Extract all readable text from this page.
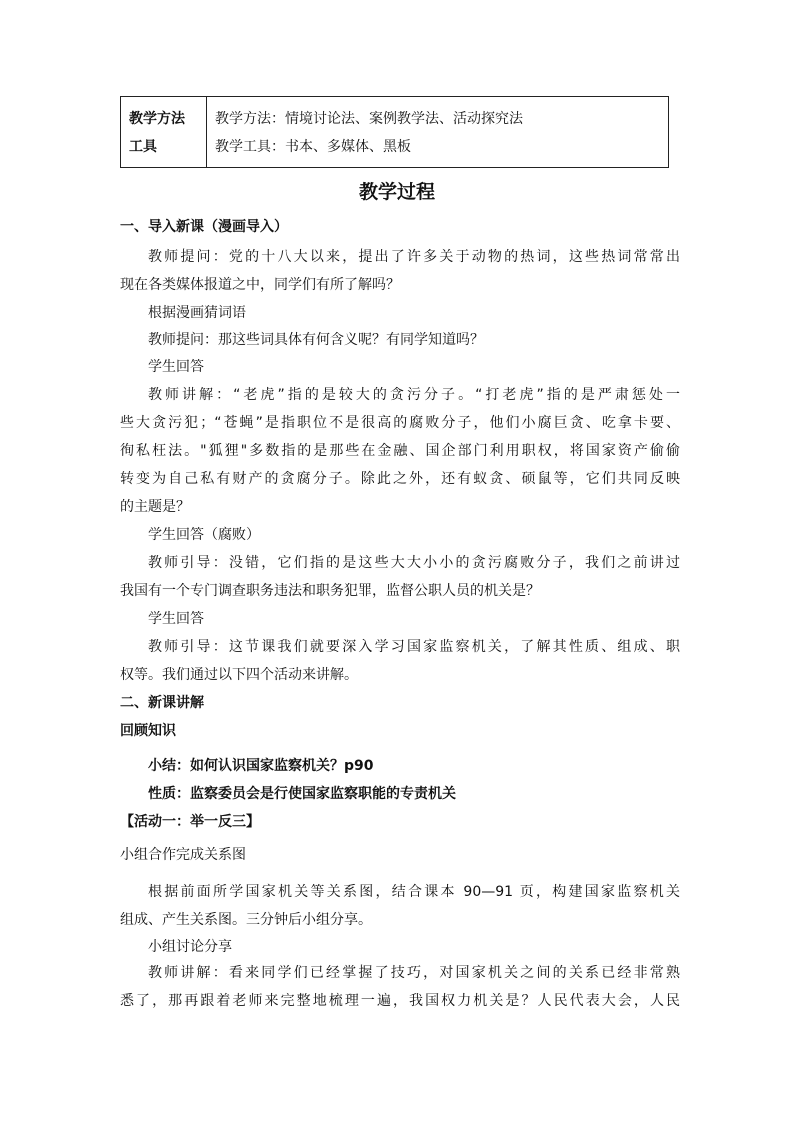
教学方法
工具
教学方法：情境讨论法、案例教学法、活动探究法
教学工具：书本、多媒体、黑板
教学过程
一、导入新课（漫画导入）
教师提问：党的十八大以来，提出了许多关于动物的热词，这些热词常常出
现在各类媒体报道之中，同学们有所了解吗？
根据漫画猜词语
教师提问：那这些词具体有何含义呢？有同学知道吗？
学生回答
教师讲解：“老虎”指的是较大的贪污分子。“打老虎”指的是严肃惩处一
些大贪污犯；“苍蝇”是指职位不是很高的腐败分子，他们小腐巨贪、吃拿卡要、
徇私枉法。"狐狸"多数指的是那些在金融、国企部门利用职权，将国家资产偷偷
转变为自己私有财产的贪腐分子。除此之外，还有蚁贪、硕鼠等，它们共同反映
的主题是？
学生回答（腐败）
教师引导：没错，它们指的是这些大大小小的贪污腐败分子，我们之前讲过
我国有一个专门调查职务违法和职务犯罪，监督公职人员的机关是？
学生回答
教师引导：这节课我们就要深入学习国家监察机关，了解其性质、组成、职
权等。我们通过以下四个活动来讲解。
二、新课讲解
回顾知识
小结：如何认识国家监察机关？p90
性质：监察委员会是行使国家监察职能的专责机关
【活动一：举一反三】
小组合作完成关系图
根据前面所学国家机关等关系图，结合课本 90—91 页，构建国家监察机关
组成、产生关系图。三分钟后小组分享。
小组讨论分享
教师讲解：看来同学们已经掌握了技巧，对国家机关之间的关系已经非常熟
悉了，那再跟着老师来完整地梳理一遍，我国权力机关是？人民代表大会，人民
